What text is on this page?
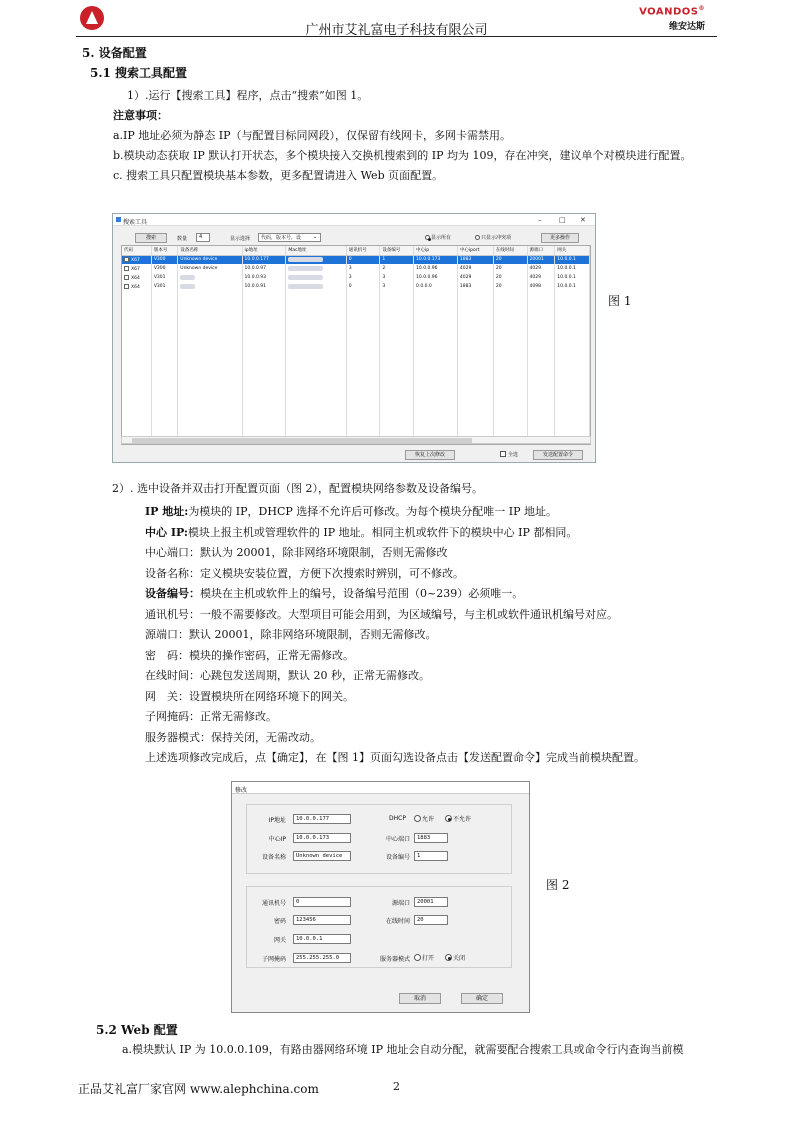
广州市艾礼富电子科技有限公司
VOANDOS®
维安达斯
5. 设备配置
5.1 搜索工具配置
1）.运行【搜索工具】程序，点击“搜索”如图 1。
注意事项：
a.IP 地址必须为静态 IP（与配置目标同网段），仅保留有线网卡，多网卡需禁用。
b.模块动态获取 IP 默认打开状态，多个模块接入交换机搜索到的 IP 均为 109，存在冲突，建议单个对模块进行配置。
c. 搜索工具只配置模块基本参数，更多配置请进入 Web 页面配置。
搜索工具	–	□ ✕
搜索	数量	4	显示选择	代码，版本号，设	⌄	显示所有	只显示冲突项	更多操作
代码	版本号	设备名称	ip地址	Mac地址	通讯机号	设备编号	中心ip	中心iport	在线时间	源端口	网关
X67	V300	Unknown device	10.0.0.177		0	1	10.0.0.173	1883	20	20001	10.0.0.1
X67	V300	Unknown device	10.0.0.97		3	2	10.0.0.96	4029	20	4029	10.0.0.1
X64	V301		10.0.0.93		3	3	10.0.0.96	4029	20	4029	10.0.0.1
X64	V301		10.0.0.91		0	3	0.0.0.0	1883	20	4098	10.0.0.1

恢复上次修改	全选	发送配置命令
图 1
2）. 选中设备并双击打开配置页面（图 2），配置模块网络参数及设备编号。
IP 地址:为模块的 IP，DHCP 选择不允许后可修改。为每个模块分配唯一 IP 地址。
中心 IP:模块上报主机或管理软件的 IP 地址。相同主机或软件下的模块中心 IP 都相同。
中心端口：默认为 20001，除非网络环境限制，否则无需修改
设备名称：定义模块安装位置，方便下次搜索时辨别，可不修改。
设备编号：模块在主机或软件上的编号，设备编号范围（0~239）必须唯一。
通讯机号：一般不需要修改。大型项目可能会用到，为区域编号，与主机或软件通讯机编号对应。
源端口：默认 20001，除非网络环境限制，否则无需修改。
密　码：模块的操作密码，正常无需修改。
在线时间：心跳包发送周期，默认 20 秒，正常无需修改。
网　关：设置模块所在网络环境下的网关。
子网掩码：正常无需修改。
服务器模式：保持关闭，无需改动。
上述选项修改完成后，点【确定】，在【图 1】页面勾选设备点击【发送配置命令】完成当前模块配置。
修改
IP地址	10.0.0.177	DHCP	允许	不允许
中心IP	10.0.0.173	中心端口	1883
设备名称	Unknown device	设备编号	1
通讯机号	0	源端口	20001
密码	123456	在线时间	20
网关	10.0.0.1
子网掩码	255.255.255.0	服务器模式	打开	关闭
取消	确定
图 2
5.2 Web 配置
a.模块默认 IP 为 10.0.0.109，有路由器网络环境 IP 地址会自动分配，就需要配合搜索工具或命令行内查询当前模
正品艾礼富厂家官网 www.alephchina.com	2
